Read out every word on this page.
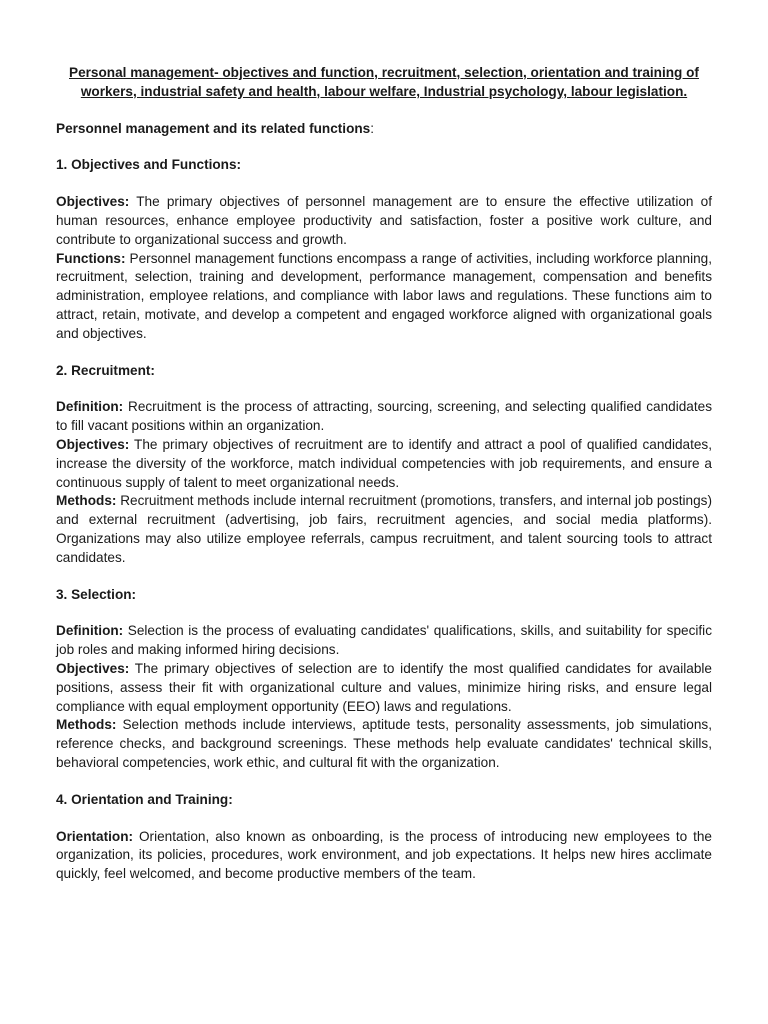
Personal management- objectives and function, recruitment, selection, orientation and training of workers, industrial safety and health, labour welfare, Industrial psychology, labour legislation.
Personnel management and its related functions:
1. Objectives and Functions:

Objectives: The primary objectives of personnel management are to ensure the effective utilization of human resources, enhance employee productivity and satisfaction, foster a positive work culture, and contribute to organizational success and growth.

Functions: Personnel management functions encompass a range of activities, including workforce planning, recruitment, selection, training and development, performance management, compensation and benefits administration, employee relations, and compliance with labor laws and regulations. These functions aim to attract, retain, motivate, and develop a competent and engaged workforce aligned with organizational goals and objectives.

2. Recruitment:

Definition: Recruitment is the process of attracting, sourcing, screening, and selecting qualified candidates to fill vacant positions within an organization.

Objectives: The primary objectives of recruitment are to identify and attract a pool of qualified candidates, increase the diversity of the workforce, match individual competencies with job requirements, and ensure a continuous supply of talent to meet organizational needs.

Methods: Recruitment methods include internal recruitment (promotions, transfers, and internal job postings) and external recruitment (advertising, job fairs, recruitment agencies, and social media platforms). Organizations may also utilize employee referrals, campus recruitment, and talent sourcing tools to attract candidates.

3. Selection:

Definition: Selection is the process of evaluating candidates' qualifications, skills, and suitability for specific job roles and making informed hiring decisions.

Objectives: The primary objectives of selection are to identify the most qualified candidates for available positions, assess their fit with organizational culture and values, minimize hiring risks, and ensure legal compliance with equal employment opportunity (EEO) laws and regulations.

Methods: Selection methods include interviews, aptitude tests, personality assessments, job simulations, reference checks, and background screenings. These methods help evaluate candidates' technical skills, behavioral competencies, work ethic, and cultural fit with the organization.

4. Orientation and Training:

Orientation: Orientation, also known as onboarding, is the process of introducing new employees to the organization, its policies, procedures, work environment, and job expectations. It helps new hires acclimate quickly, feel welcomed, and become productive members of the team.
